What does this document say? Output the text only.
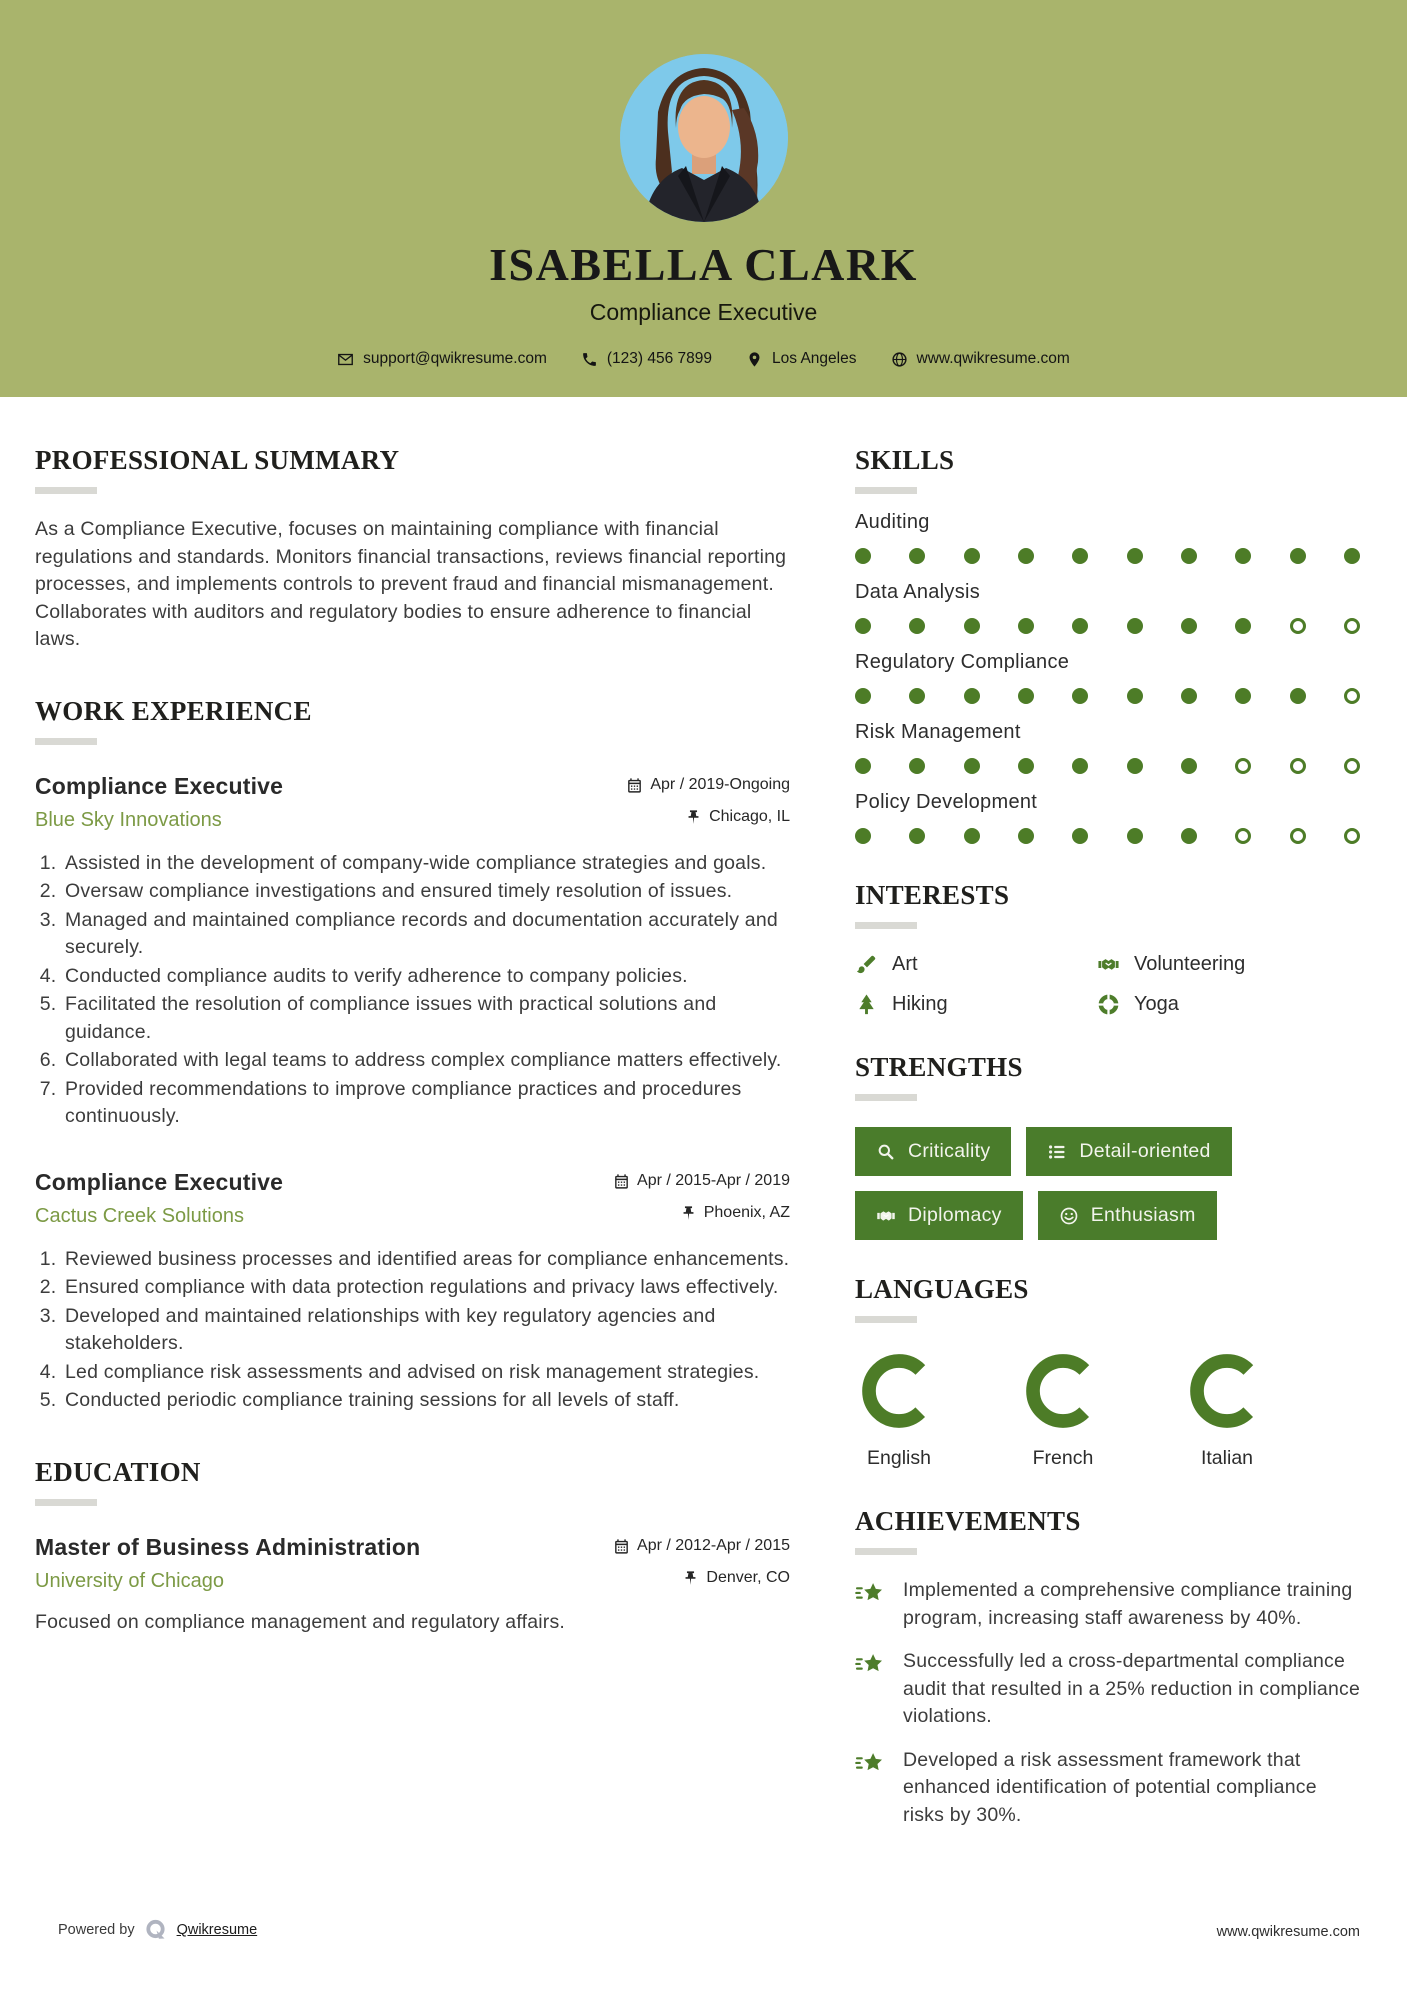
ISABELLA CLARK
Compliance Executive
support@qwikresume.com	(123) 456 7899	Los Angeles	www.qwikresume.com
PROFESSIONAL SUMMARY

As a Compliance Executive, focuses on maintaining compliance with financial regulations and standards. Monitors financial transactions, reviews financial reporting processes, and implements controls to prevent fraud and financial mismanagement. Collaborates with auditors and regulatory bodies to ensure adherence to financial laws.

WORK EXPERIENCE
Compliance Executive	Apr / 2019-Ongoing
Blue Sky Innovations	Chicago, IL
1. Assisted in the development of company-wide compliance strategies and goals.
2. Oversaw compliance investigations and ensured timely resolution of issues.
3. Managed and maintained compliance records and documentation accurately and securely.
4. Conducted compliance audits to verify adherence to company policies.
5. Facilitated the resolution of compliance issues with practical solutions and guidance.
6. Collaborated with legal teams to address complex compliance matters effectively.
7. Provided recommendations to improve compliance practices and procedures continuously.
Compliance Executive	Apr / 2015-Apr / 2019
Cactus Creek Solutions	Phoenix, AZ
1. Reviewed business processes and identified areas for compliance enhancements.
2. Ensured compliance with data protection regulations and privacy laws effectively.
3. Developed and maintained relationships with key regulatory agencies and stakeholders.
4. Led compliance risk assessments and advised on risk management strategies.
5. Conducted periodic compliance training sessions for all levels of staff.
EDUCATION
Master of Business Administration	Apr / 2012-Apr / 2015
University of Chicago	Denver, CO

Focused on compliance management and regulatory affairs.

SKILLS
Auditing
Data Analysis
Regulatory Compliance
Risk Management
Policy Development
INTERESTS
Art	Volunteering
Hiking	Yoga
STRENGTHS
Criticality	Detail-oriented
Diplomacy	Enthusiasm
LANGUAGES
English	French	Italian
ACHIEVEMENTS

Implemented a comprehensive compliance training program, increasing staff awareness by 40%.

Successfully led a cross-departmental compliance audit that resulted in a 25% reduction in compliance violations.

Developed a risk assessment framework that enhanced identification of potential compliance risks by 30%.

Powered by	Qwikresume	www.qwikresume.com
